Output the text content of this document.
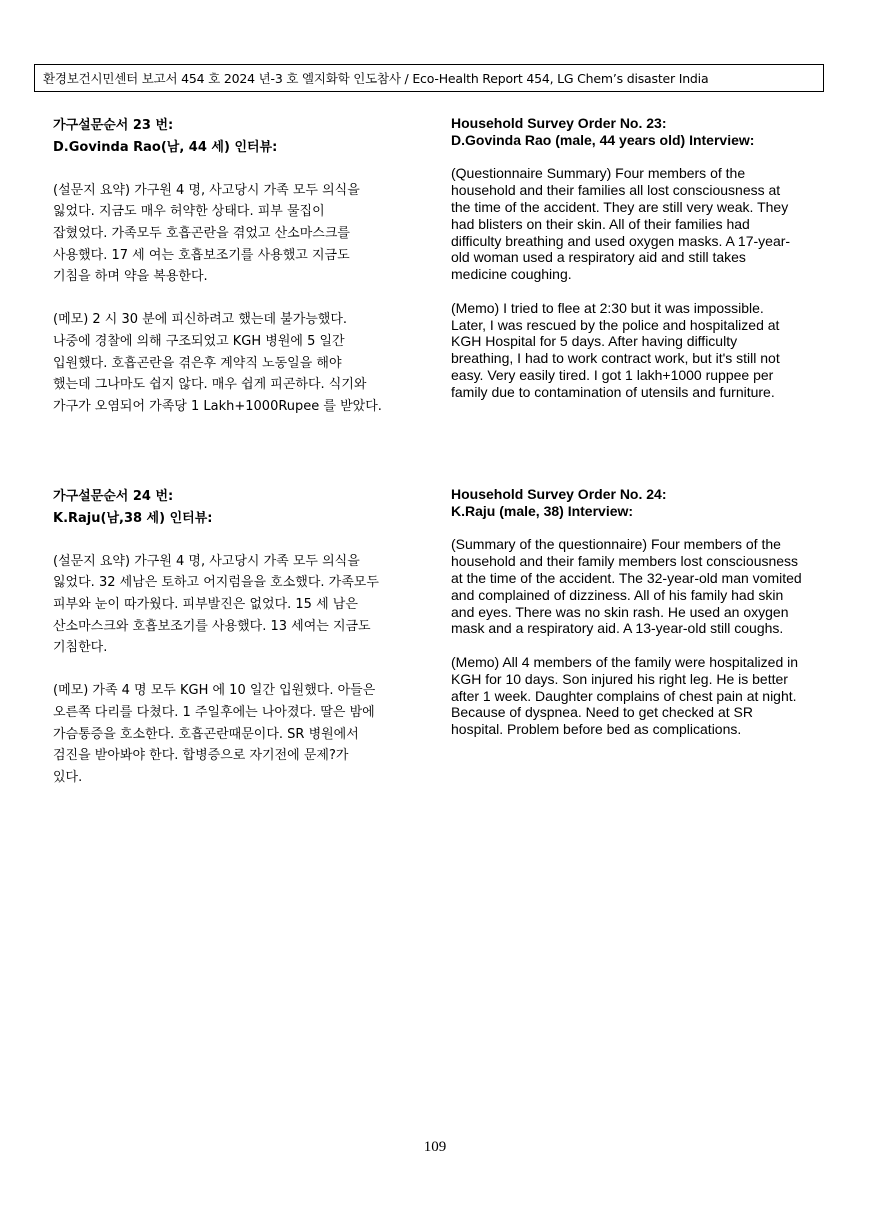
환경보건시민센터 보고서 454 호 2024 년-3 호 엘지화학 인도참사 / Eco-Health Report 454, LG Chem’s disaster India
가구설문순서 23 번:
D.Govinda Rao(남, 44 세) 인터뷰:
(설문지 요약) 가구원 4 명, 사고당시 가족 모두 의식을
잃었다. 지금도 매우 허약한 상태다. 피부 물집이
잡혔었다. 가족모두 호흡곤란을 겪었고 산소마스크를
사용했다. 17 세 여는 호흡보조기를 사용했고 지금도
기침을 하며 약을 복용한다.
(메모) 2 시 30 분에 피신하려고 했는데 불가능했다.
나중에 경찰에 의해 구조되었고 KGH 병원에 5 일간
입원했다. 호흡곤란을 겪은후 계약직 노동일을 해야
했는데 그나마도 쉽지 않다. 매우 쉽게 피곤하다. 식기와
가구가 오염되어 가족당 1 Lakh+1000Rupee 를 받았다.
Household Survey Order No. 23:
D.Govinda Rao (male, 44 years old) Interview:
(Questionnaire Summary) Four members of the
household and their families all lost consciousness at
the time of the accident. They are still very weak. They
had blisters on their skin. All of their families had
difficulty breathing and used oxygen masks. A 17-year-
old woman used a respiratory aid and still takes
medicine coughing.
(Memo) I tried to flee at 2:30 but it was impossible.
Later, I was rescued by the police and hospitalized at
KGH Hospital for 5 days. After having difficulty
breathing, I had to work contract work, but it's still not
easy. Very easily tired. I got 1 lakh+1000 ruppee per
family due to contamination of utensils and furniture.
가구설문순서 24 번:
K.Raju(남,38 세) 인터뷰:
(설문지 요약) 가구원 4 명, 사고당시 가족 모두 의식을
잃었다. 32 세남은 토하고 어지럼을을 호소했다. 가족모두
피부와 눈이 따가웠다. 피부발진은 없었다. 15 세 남은
산소마스크와 호흡보조기를 사용했다. 13 세여는 지금도
기침한다.
(메모) 가족 4 명 모두 KGH 에 10 일간 입원했다. 아들은
오른쪽 다리를 다쳤다. 1 주일후에는 나아졌다. 딸은 밤에
가슴통증을 호소한다. 호흡곤란때문이다. SR 병원에서
검진을 받아봐야 한다. 합병증으로 자기전에 문제?가
있다.
Household Survey Order No. 24:
K.Raju (male, 38) Interview:
(Summary of the questionnaire) Four members of the
household and their family members lost consciousness
at the time of the accident. The 32-year-old man vomited
and complained of dizziness. All of his family had skin
and eyes. There was no skin rash. He used an oxygen
mask and a respiratory aid. A 13-year-old still coughs.
(Memo) All 4 members of the family were hospitalized in
KGH for 10 days. Son injured his right leg. He is better
after 1 week. Daughter complains of chest pain at night.
Because of dyspnea. Need to get checked at SR
hospital. Problem before bed as complications.
109
